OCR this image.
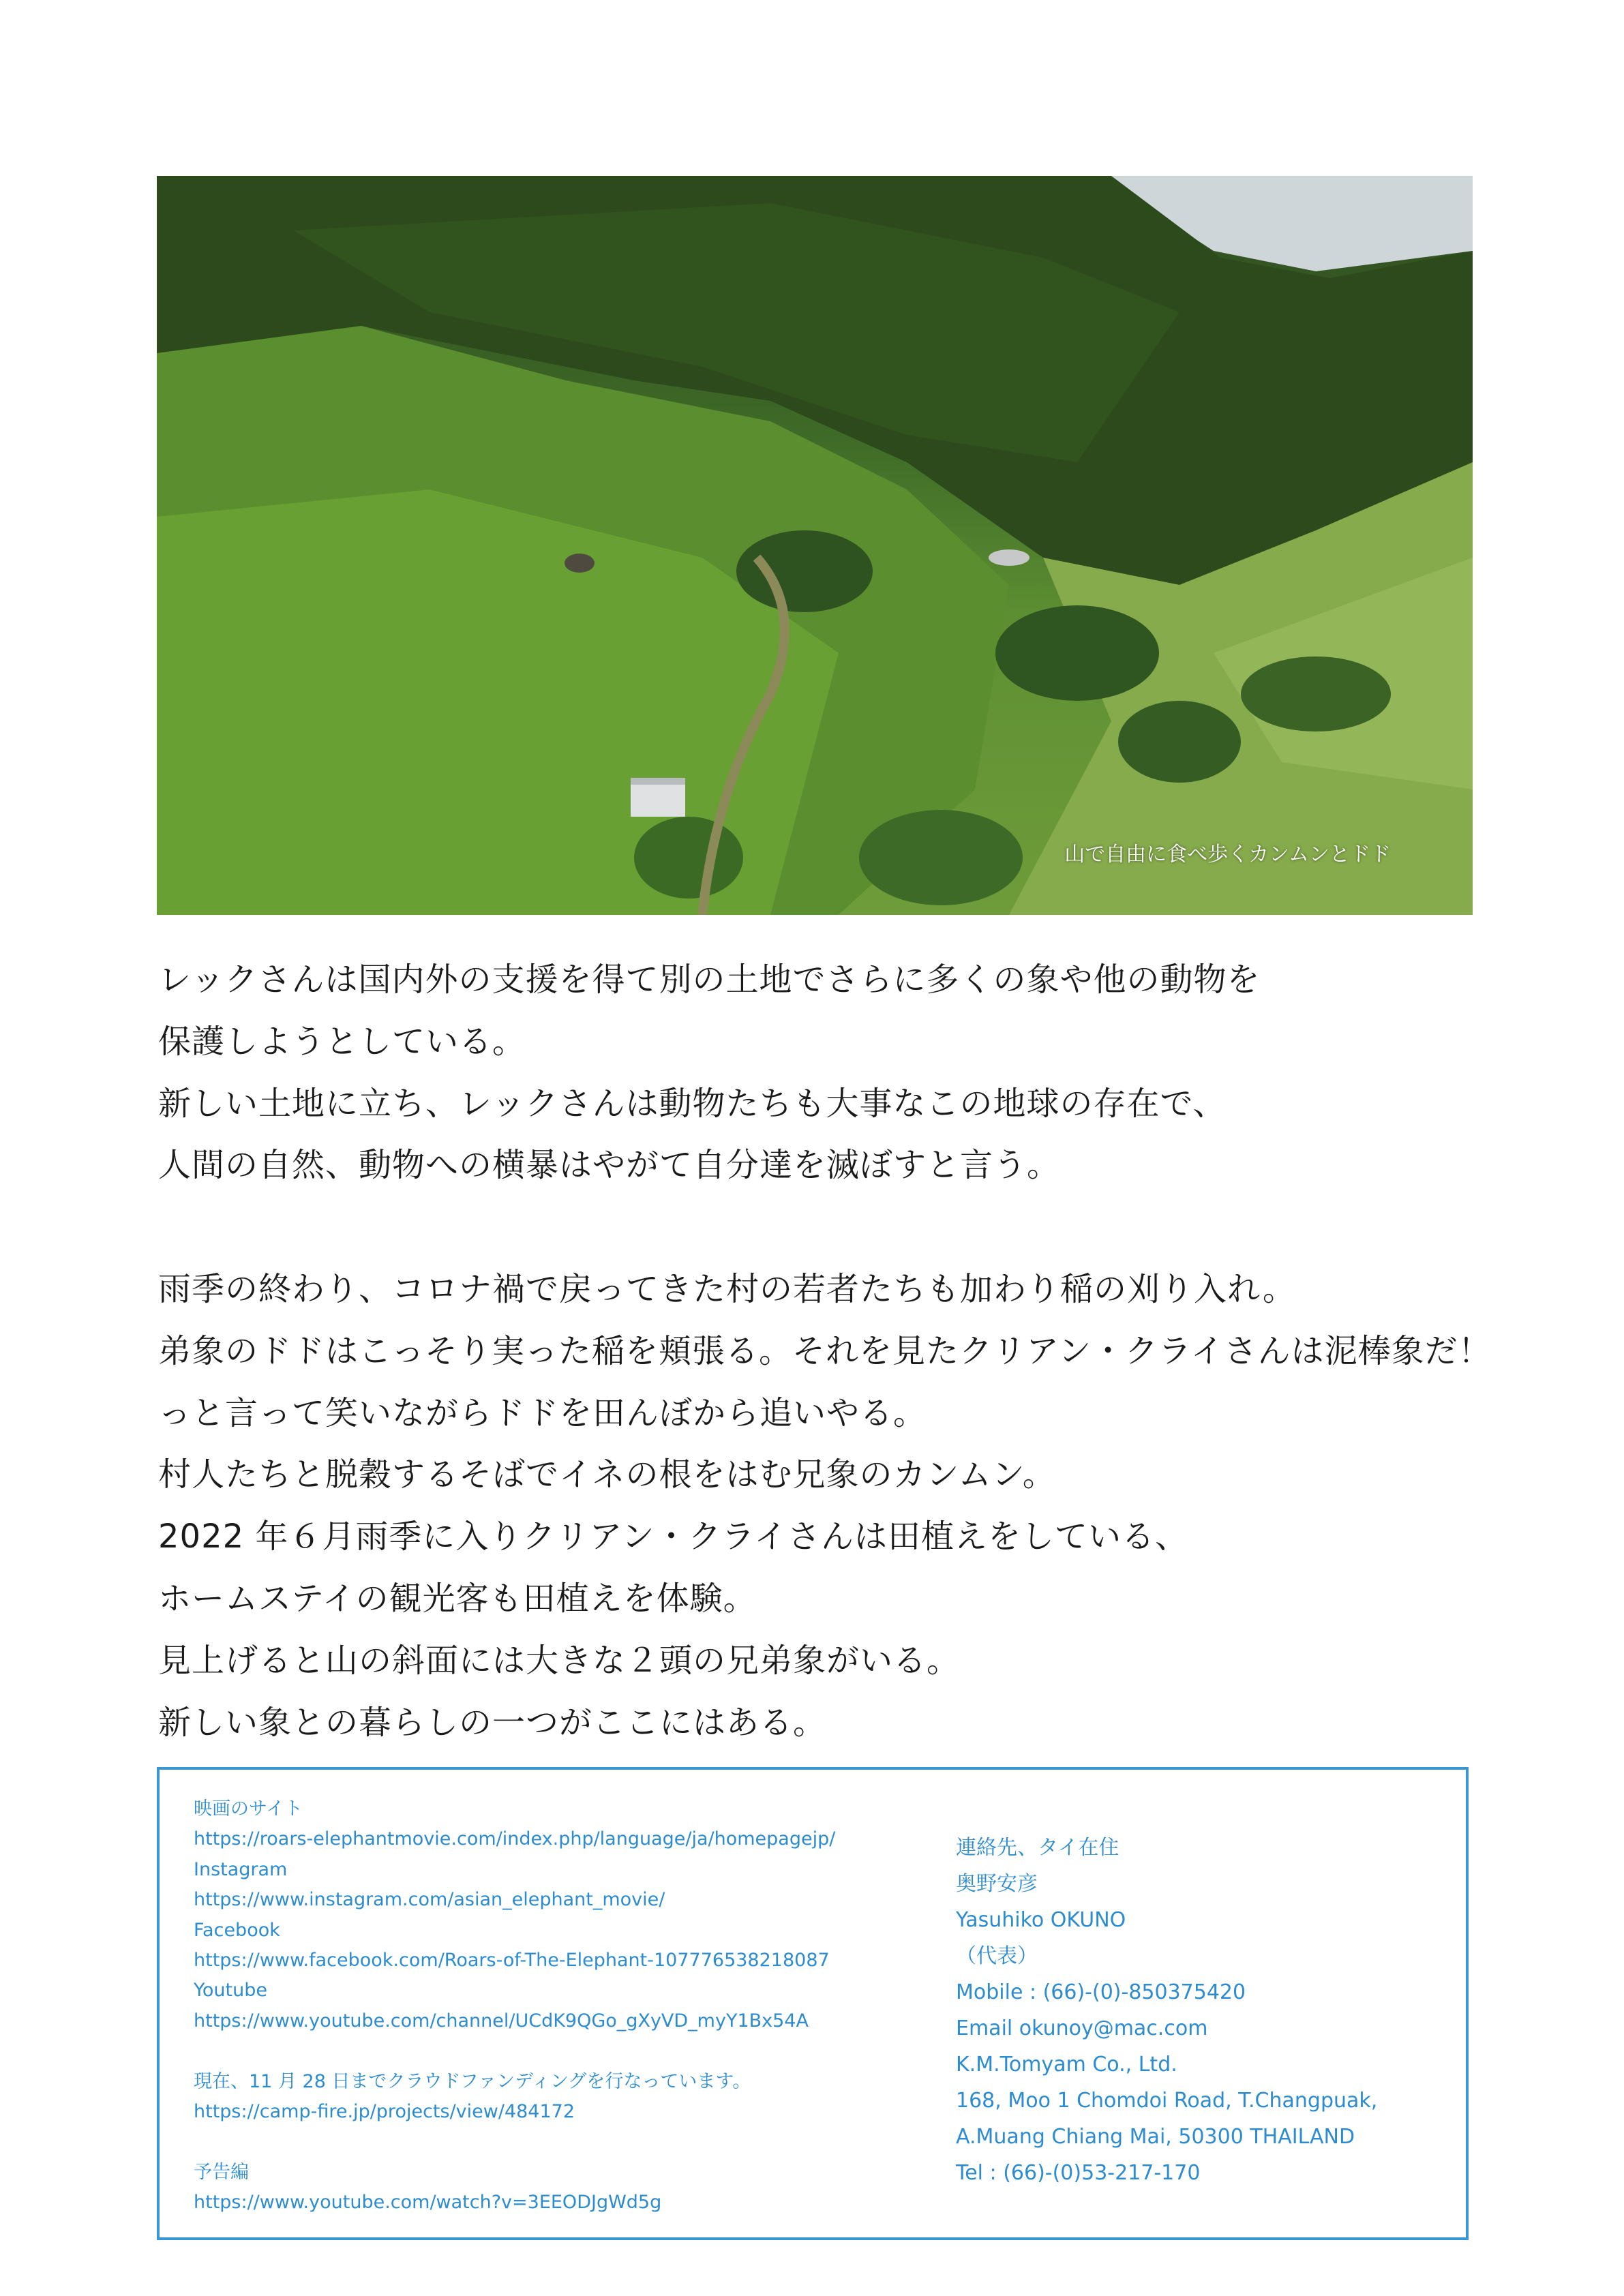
山で自由に食べ歩くカンムンとドド
レックさんは国内外の支援を得て別の土地でさらに多くの象や他の動物を
保護しようとしている。
新しい土地に立ち、レックさんは動物たちも大事なこの地球の存在で、
人間の自然、動物への横暴はやがて自分達を滅ぼすと言う。
雨季の終わり、コロナ禍で戻ってきた村の若者たちも加わり稲の刈り入れ。
弟象のドドはこっそり実った稲を頬張る。それを見たクリアン・クライさんは泥棒象だ！
っと言って笑いながらドドを田んぼから追いやる。
村人たちと脱穀するそばでイネの根をはむ兄象のカンムン。
2022 年６月雨季に入りクリアン・クライさんは田植えをしている、
ホームステイの観光客も田植えを体験。
見上げると山の斜面には大きな２頭の兄弟象がいる。
新しい象との暮らしの一つがここにはある。
映画のサイト
https://roars-elephantmovie.com/index.php/language/ja/homepagejp/
Instagram
https://www.instagram.com/asian_elephant_movie/
Facebook
https://www.facebook.com/Roars-of-The-Elephant-107776538218087
Youtube
https://www.youtube.com/channel/UCdK9QGo_gXyVD_myY1Bx54A
現在、11 月 28 日までクラウドファンディングを行なっています。
https://camp-fire.jp/projects/view/484172
予告編
https://www.youtube.com/watch?v=3EEODJgWd5g
連絡先、タイ在住
奥野安彦
Yasuhiko OKUNO
（代表）
Mobile : (66)-(0)-850375420
Email okunoy@mac.com
K.M.Tomyam Co., Ltd.
168, Moo 1 Chomdoi Road, T.Changpuak,
A.Muang Chiang Mai, 50300 THAILAND
Tel : (66)-(0)53-217-170
